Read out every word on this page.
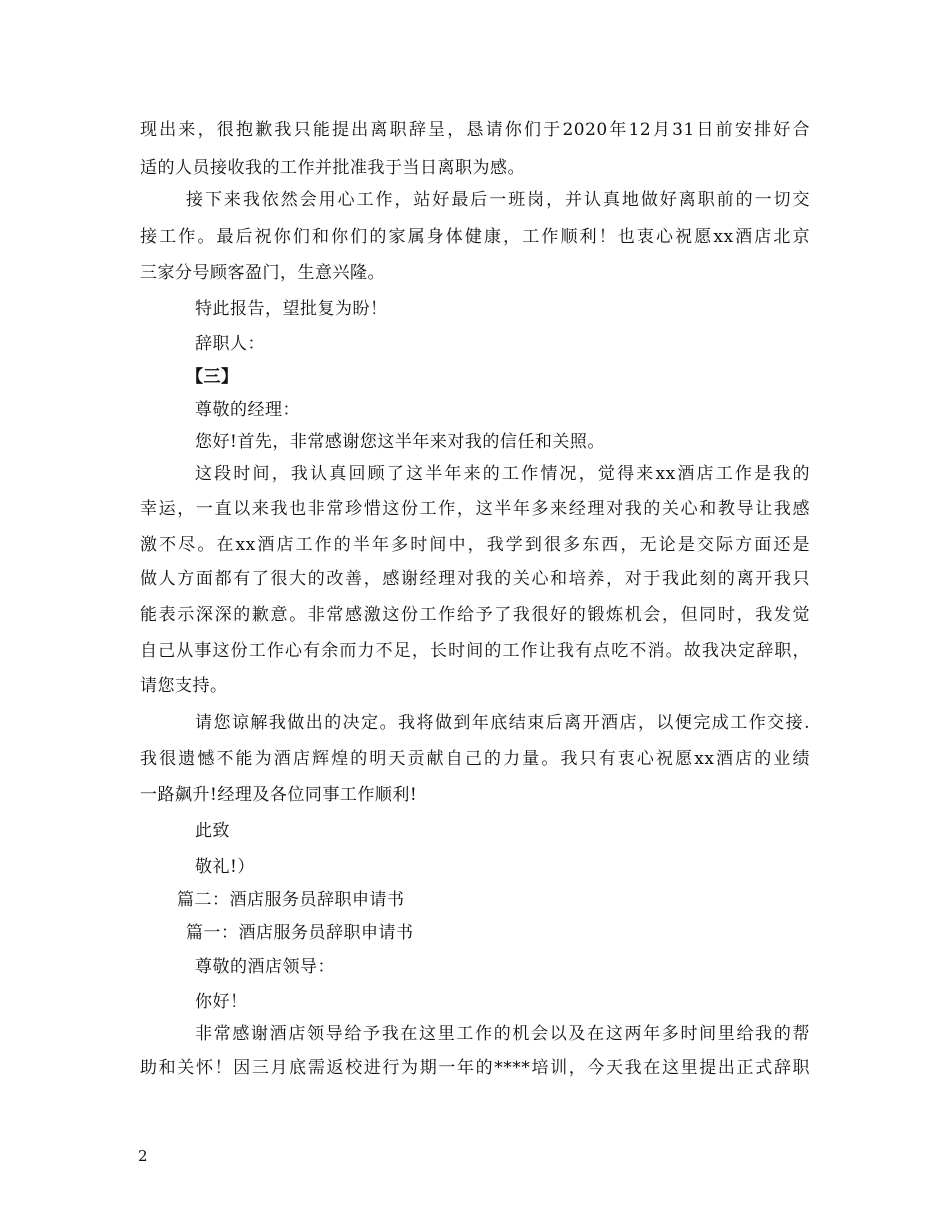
现出来，很抱歉我只能提出离职辞呈，恳请你们于2020年12月31日前安排好合
适的人员接收我的工作并批准我于当日离职为感。
接下来我依然会用心工作，站好最后一班岗，并认真地做好离职前的一切交
接工作。最后祝你们和你们的家属身体健康，工作顺利！也衷心祝愿xx酒店北京
三家分号顾客盈门，生意兴隆。
特此报告，望批复为盼！
辞职人：
【三】
尊敬的经理：
您好!首先，非常感谢您这半年来对我的信任和关照。
这段时间，我认真回顾了这半年来的工作情况，觉得来xx酒店工作是我的
幸运，一直以来我也非常珍惜这份工作，这半年多来经理对我的关心和教导让我感
激不尽。在xx酒店工作的半年多时间中，我学到很多东西，无论是交际方面还是
做人方面都有了很大的改善，感谢经理对我的关心和培养，对于我此刻的离开我只
能表示深深的歉意。非常感激这份工作给予了我很好的锻炼机会，但同时，我发觉
自己从事这份工作心有余而力不足，长时间的工作让我有点吃不消。故我决定辞职，
请您支持。
请您谅解我做出的决定。我将做到年底结束后离开酒店，以便完成工作交接.
我很遗憾不能为酒店辉煌的明天贡献自己的力量。我只有衷心祝愿xx酒店的业绩
一路飙升!经理及各位同事工作顺利!
此致
敬礼!）
篇二：酒店服务员辞职申请书
篇一：酒店服务员辞职申请书
尊敬的酒店领导：
你好！
非常感谢酒店领导给予我在这里工作的机会以及在这两年多时间里给我的帮
助和关怀！因三月底需返校进行为期一年的****培训，今天我在这里提出正式辞职
2
